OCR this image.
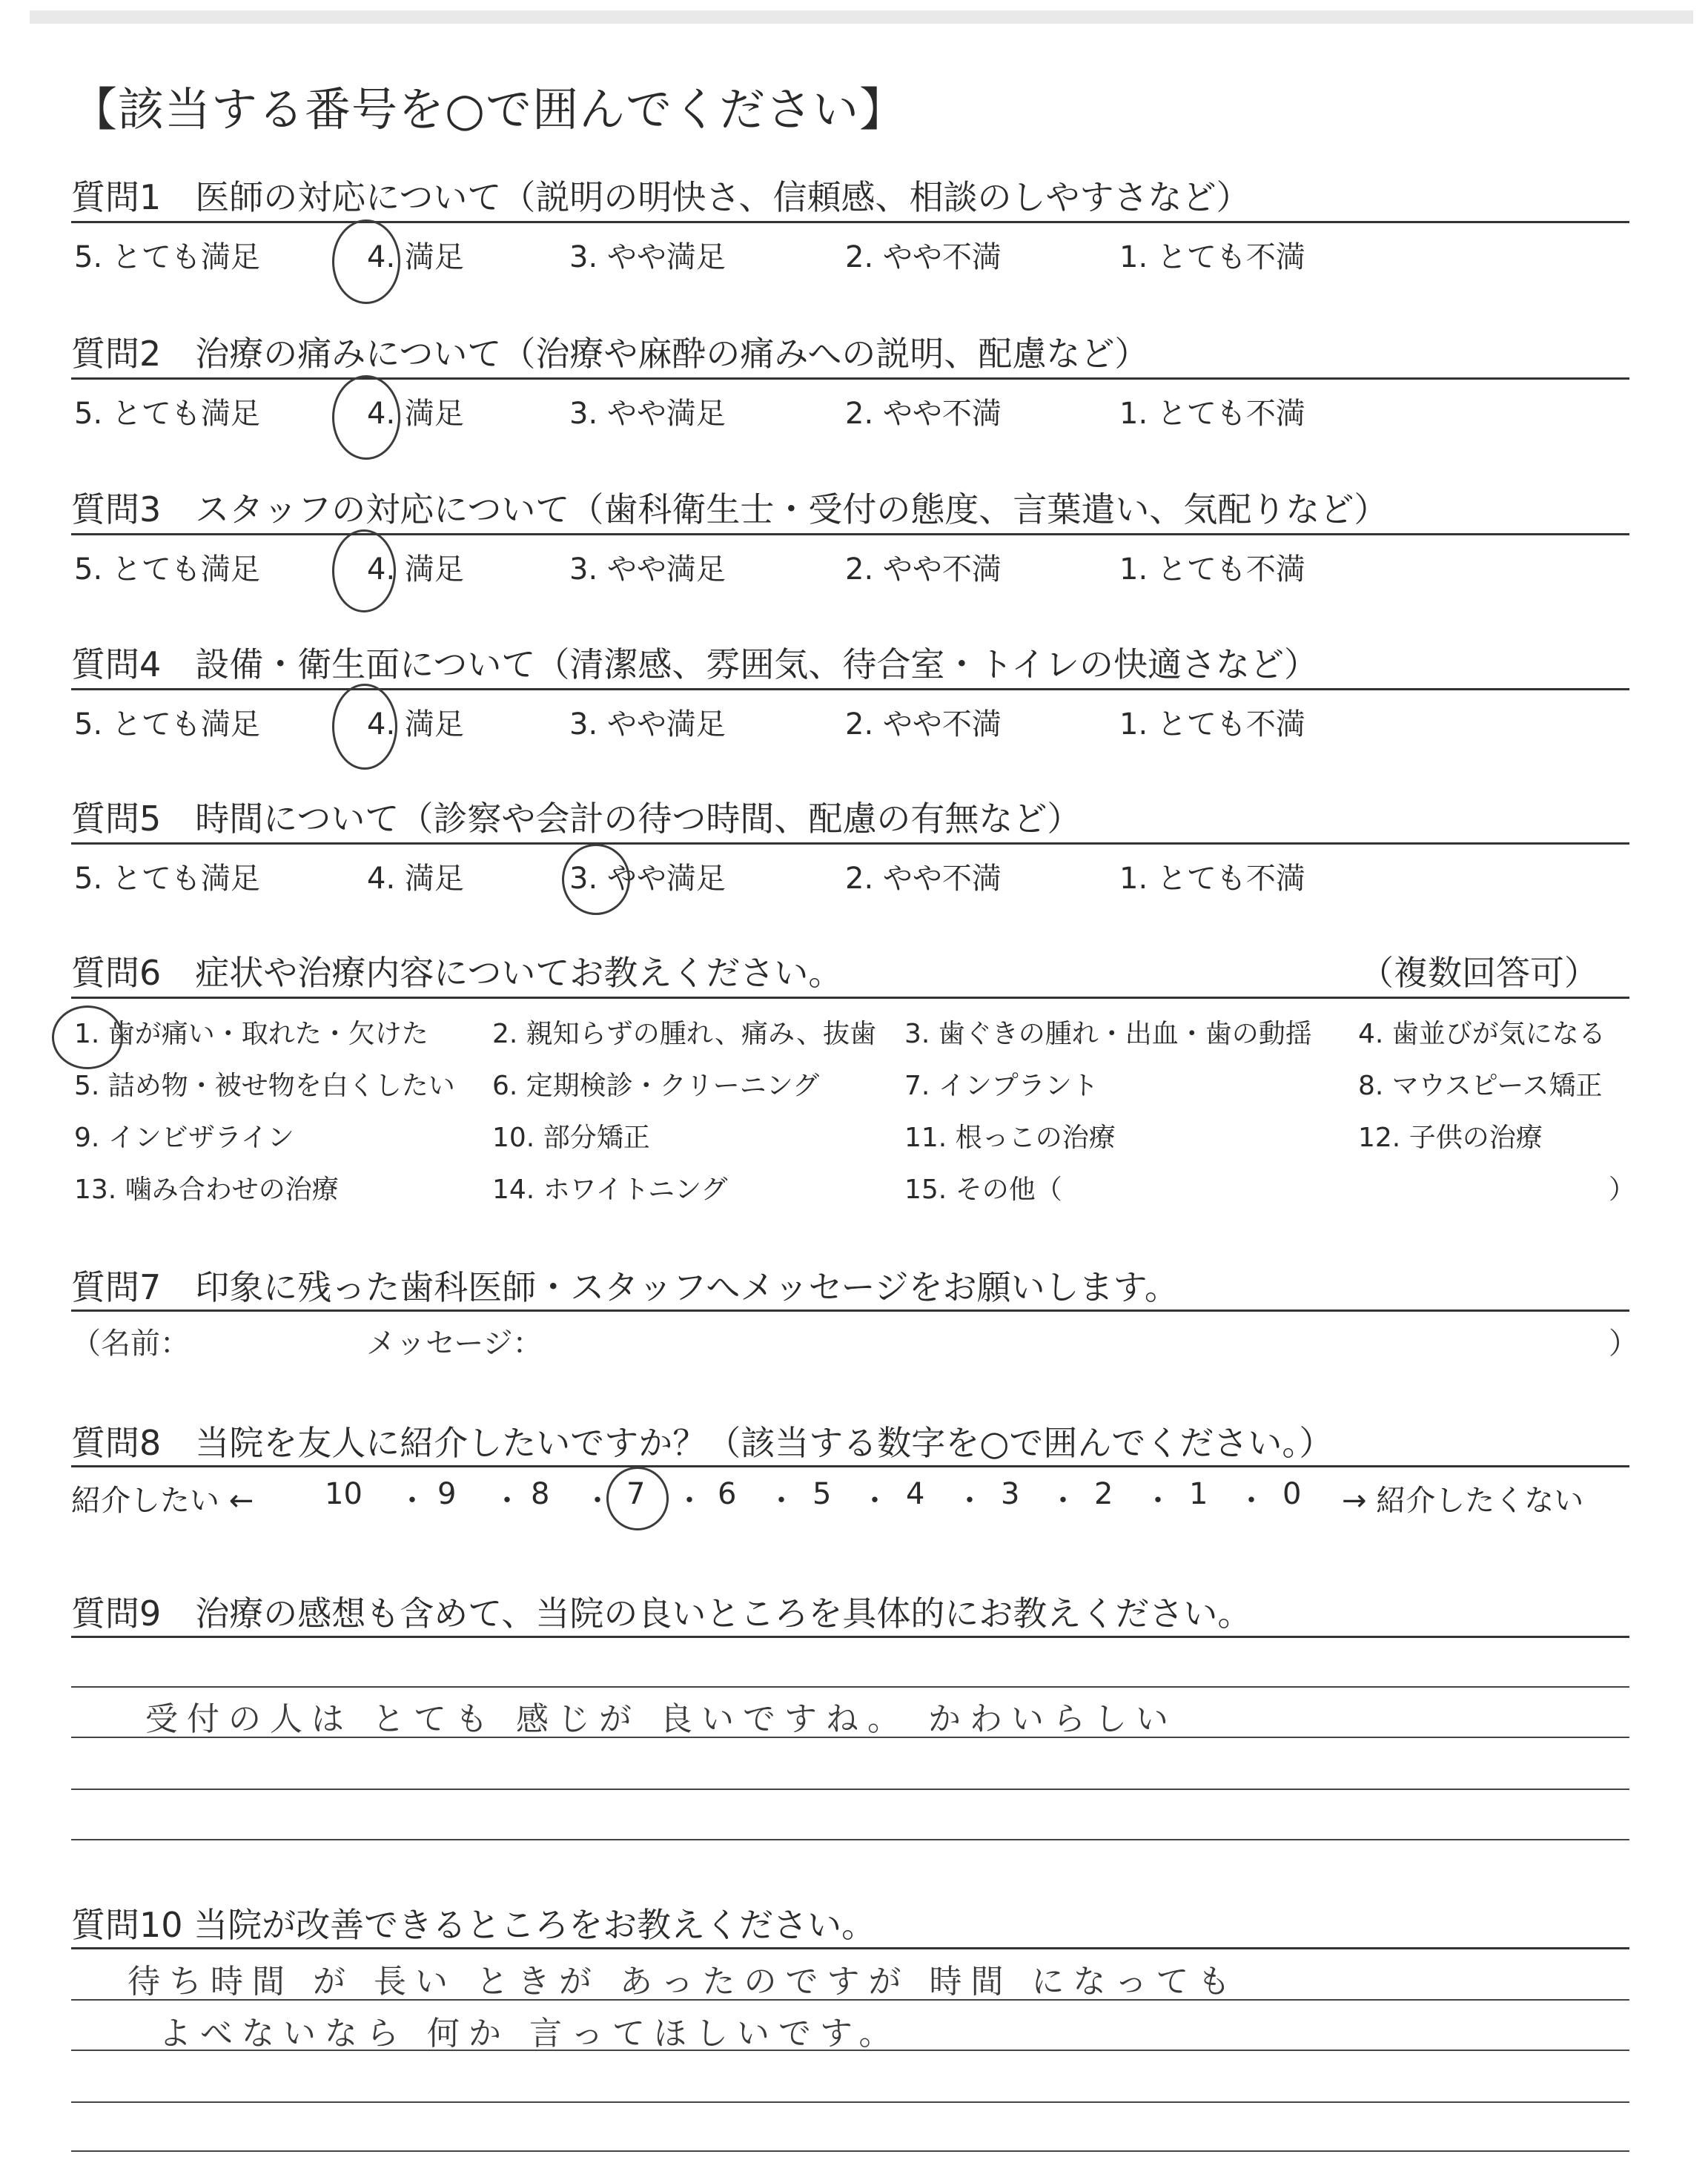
【該当する番号を○で囲んでください】
質問1　医師の対応について（説明の明快さ、信頼感、相談のしやすさなど）
5. とても満足	4. 満足	3. やや満足	2. やや不満	1. とても不満
質問2　治療の痛みについて（治療や麻酔の痛みへの説明、配慮など）
5. とても満足	4. 満足	3. やや満足	2. やや不満	1. とても不満
質問3　スタッフの対応について（歯科衛生士・受付の態度、言葉遣い、気配りなど）
5. とても満足	4. 満足	3. やや満足	2. やや不満	1. とても不満
質問4　設備・衛生面について（清潔感、雰囲気、待合室・トイレの快適さなど）
5. とても満足	4. 満足	3. やや満足	2. やや不満	1. とても不満
質問5　時間について（診察や会計の待つ時間、配慮の有無など）
5. とても満足	4. 満足	3. やや満足	2. やや不満	1. とても不満
質問6　症状や治療内容についてお教えください。	（複数回答可）
1. 歯が痛い・取れた・欠けた 2. 親知らずの腫れ、痛み、抜歯 3. 歯ぐきの腫れ・出血・歯の動揺 4. 歯並びが気になる
5. 詰め物・被せ物を白くしたい 6. 定期検診・クリーニング	7. インプラント	8. マウスピース矯正
9. インビザライン	10. 部分矯正	11. 根っこの治療	12. 子供の治療
13. 噛み合わせの治療	14. ホワイトニング	15. その他（	）
質問7　印象に残った歯科医師・スタッフへメッセージをお願いします。
（名前：	メッセージ：	）
質問8　当院を友人に紹介したいですか？（該当する数字を○で囲んでください。）
紹介したい ←	→ 紹介したくない
10 ・ 9 ・ 8 ・ 7 ・ 6 ・ 5 ・ 4 ・ 3 ・ 2 ・ 1 ・ 0
質問9　治療の感想も含めて、当院の良いところを具体的にお教えください。
受付の人は とても 感じが 良いですね。 かわいらしい
質問10 当院が改善できるところをお教えください。
待ち時間 が 長い ときが あったのですが 時間 になっても
よべないなら 何か 言ってほしいです。
